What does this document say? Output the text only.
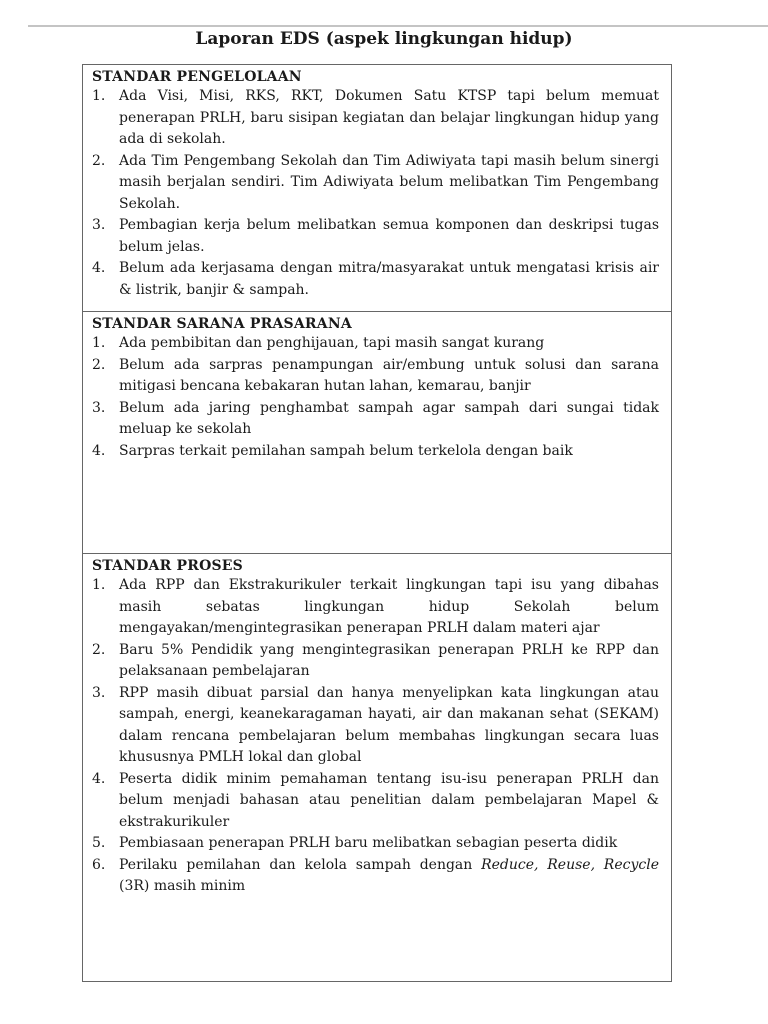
Laporan EDS (aspek lingkungan hidup)

STANDAR PENGELOLAAN

1. Ada Visi, Misi, RKS, RKT, Dokumen Satu KTSP tapi belum memuat penerapan PRLH, baru sisipan kegiatan dan belajar lingkungan hidup yang ada di sekolah.
2. Ada Tim Pengembang Sekolah dan Tim Adiwiyata tapi masih belum sinergi masih berjalan sendiri. Tim Adiwiyata belum melibatkan Tim Pengembang Sekolah.
3. Pembagian kerja belum melibatkan semua komponen dan deskripsi tugas belum jelas.
4. Belum ada kerjasama dengan mitra/masyarakat untuk mengatasi krisis air & listrik, banjir & sampah.

STANDAR SARANA PRASARANA

1. Ada pembibitan dan penghijauan, tapi masih sangat kurang
2. Belum ada sarpras penampungan air/embung untuk solusi dan sarana mitigasi bencana kebakaran hutan lahan, kemarau, banjir
3. Belum ada jaring penghambat sampah agar sampah dari sungai tidak meluap ke sekolah
4. Sarpras terkait pemilahan sampah belum terkelola dengan baik

STANDAR PROSES

1. Ada RPP dan Ekstrakurikuler terkait lingkungan tapi isu yang dibahas masih sebatas lingkungan hidup Sekolah belum mengayakan/mengintegrasikan penerapan PRLH dalam materi ajar
2. Baru 5% Pendidik yang mengintegrasikan penerapan PRLH ke RPP dan pelaksanaan pembelajaran
3. RPP masih dibuat parsial dan hanya menyelipkan kata lingkungan atau sampah, energi, keanekaragaman hayati, air dan makanan sehat (SEKAM) dalam rencana pembelajaran belum membahas lingkungan secara luas khususnya PMLH lokal dan global
4. Peserta didik minim pemahaman tentang isu-isu penerapan PRLH dan belum menjadi bahasan atau penelitian dalam pembelajaran Mapel & ekstrakurikuler
5. Pembiasaan penerapan PRLH baru melibatkan sebagian peserta didik
6. Perilaku pemilahan dan kelola sampah dengan Reduce, Reuse, Recycle (3R) masih minim
